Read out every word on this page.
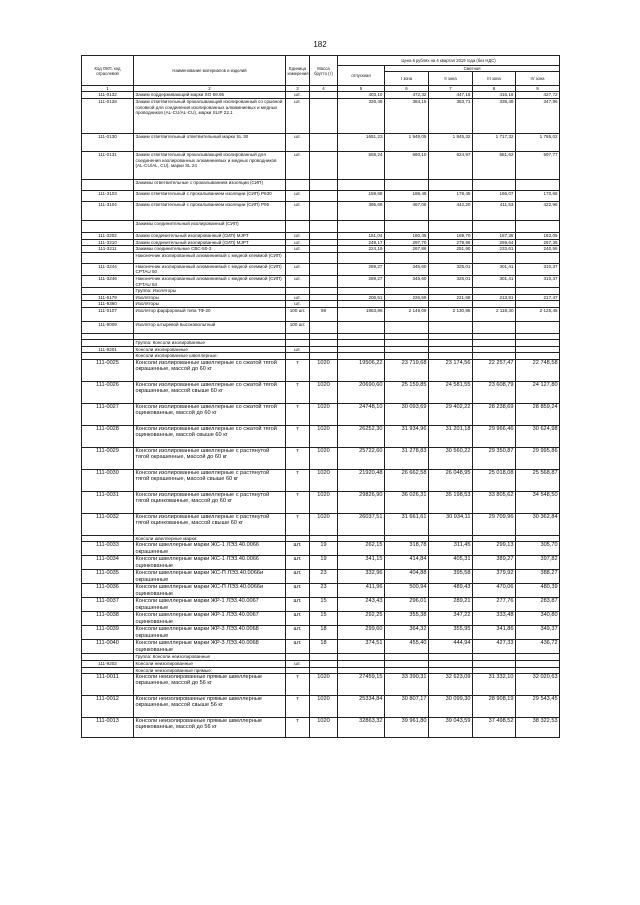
182
Код ОКП, код отраслевой	Наименование материалов и изделий	Единица измерения	Масса брутто (т)	Цена в рублях на 4 квартал 2019 года (без НДС)				
				отпускная	Сметная			
					I зона	II зона	III зона	IV зона
1	2	3	4	5	6	7	8	9
111-0132	Зажим поддерживающий марки SO 69.95	шт.		403,10	472,32	447,18	416,16	427,72
111-0128	Зажим ответвительный прокалывающий изолированный со срывной головкой для соединения изолированных алюминиевых и медных проводников (AL-CU/AL-CU), марки SLIP 22.1	шт.		326,49	384,15	363,71	338,48	347,86
111-0130	Зажим ответвительный ответвительный марки SL 30	шт.		1651,23	1 949,05	1 845,32	1 717,32	1 765,02
111-0131	Зажим ответвительный прокалывающий изолированный для соединения изолированных алюминиевых и медных проводников (AL-CU/AL, CU), марки SL 24	шт.		558,24	660,10	624,97	581,62	597,77
	Зажимы ответвительные с прокалыванием изоляции (СИП)							
111-3103	Зажим ответвительный с прокалыванием изоляции (СИП) Р630	шт.		159,68	188,48	178,45	166,07	170,68
111-3104	Зажим ответвительный с прокалыванием изоляции (СИП) Р95	шт.		395,69	467,06	442,20	411,53	422,96
	Зажимы соединительный изолированный (СИП)							
111-3202	Зажим соединительный изолированный (СИП) MJPT	шт.		151,04	180,45	169,70	157,36	162,05
111-3210	Зажим соединительный изолированный (СИП) MJPT	шт.		249,17	297,70	279,96	259,64	267,35
111-3211	Зажимы соединительные СВС-50-3	шт.		224,19	267,86	251,90	233,61	240,55
	Наконечник изолированный алюминиевый с медной клеммой (СИП)							
111-3244	Наконечник изолированный алюминиевый с медной клеммой (СИП) CPTAU 50	шт.		289,27	345,60	325,01	301,41	310,37
111-3246	Наконечник изолированный алюминиевый с медной клеммой (СИП) CPTAU 54	шт.		289,27	345,60	325,01	301,41	310,37
	Группа: Изоляторы							
111-6179	Изоляторы	шт.		206,51	226,59	221,68	213,91	217,47
111-9360	Изоляторы	шт.						
111-0107	Изолятор фарфоровый типа ТФ-20	100 шт.	59	1863,86	2 149,09	2 130,95	2 118,30	2 125,45
111-9009	Изолятор штыревой высоковольтный	100 шт.						

	Группа: Консоли изолированные							
111-9201	Консоли изолированные	шт.						
	Консоли изолированные швеллерные:							
111-0025	Консоли изолированные швеллерные со сжатой тягой окрашенные, массой до 60 кг	т	1020	19506,22	23 719,68	23 174,56	22 257,47	22 748,58
111-0026	Консоли изолированные швеллерные со сжатой тягой окрашенные, массой свыше 60 кг	т	1020	20690,60	25 159,85	24 581,55	23 608,79	24 127,80
111-0027	Консоли изолированные швеллерные со сжатой тягой оцинкованные, массой до 60 кг	т	1020	24748,10	30 093,69	29 402,22	28 238,69	28 859,24
111-0028	Консоли изолированные швеллерные со сжатой тягой оцинкованные, массой свыше 60 кг	т	1020	26252,30	31 934,96	31 201,18	29 966,46	30 624,98
111-0029	Консоли изолированные швеллерные с растянутой тягой окрашенные, массой до 60 кг	т	1020	25722,60	31 278,83	30 560,22	29 350,87	29 995,86
111-0030	Консоли изолированные швеллерные с растянутой тягой окрашенные, массой свыше 60 кг	т	1020	21920,48	26 662,58	26 048,95	25 018,08	25 568,87
111-0031	Консоли изолированные швеллерные с растянутой тягой оцинкованные, массой до 60 кг	т	1020	29826,90	36 026,31	35 198,53	33 805,62	34 548,50
111-0032	Консоли изолированные швеллерные с растянутой тягой оцинкованные, массой свыше 60 кг	т	1020	26037,51	31 661,61	30 934,11	29 709,96	30 362,84
	Консоли швеллерные марки:							
111-0033	Консоли швеллерные марки ЖС-1 ЛЭ3.40.0066 окрашенные	шт.	19	262,15	318,78	311,45	299,13	305,70
111-0034	Консоли швеллерные марки ЖС-1 ЛЭ3.40.0066 оцинкованные	шт.	19	341,15	414,84	405,31	389,27	397,82
111-0035	Консоли швеллерные марки ЖС-П ЛЭ3.40.0066и окрашенные	шт.	23	332,96	404,88	395,58	379,92	388,27
111-0036	Консоли швеллерные марки ЖС-П ЛЭ3.40.0066и оцинкованные	шт.	23	411,96	500,94	489,43	470,06	480,39
111-0037	Консоли швеллерные марки ЖР-1 ЛЭ3.40.0067 окрашенные	шт.	15	243,43	296,01	289,21	277,76	283,87
111-0038	Консоли швеллерные марки ЖР-1 ЛЭ3.40.0067 оцинкованные	шт.	15	292,25	355,38	347,22	333,48	340,80
111-0039	Консоли швеллерные марки ЖР-3 ЛЭ3.40.0068 окрашенные	шт.	18	299,60	364,32	355,95	341,86	349,37
111-0040	Консоли швеллерные марки ЖР-3 ЛЭ3.40.0068 оцинкованные	шт.	18	374,51	455,40	444,94	427,33	436,72
	Группа: Консоли неизолированные							
111-9202	Консоли неизолированные	шт.						
	Консоли неизолированные прямые:							
111-0011	Консоли неизолированные прямые швеллерные окрашенные, массой до 56 кг	т	1020	27459,15	33 390,31	32 623,09	31 332,10	32 020,63
111-0012	Консоли неизолированные прямые швеллерные окрашенные, массой свыше 56 кг	т	1020	25334,84	30 807,17	30 099,30	28 908,19	29 543,45
111-0013	Консоли неизолированные прямые швеллерные оцинкованные, массой до 56 кг	т	1020	32863,32	39 961,80	39 043,59	37 498,52	38 322,53
